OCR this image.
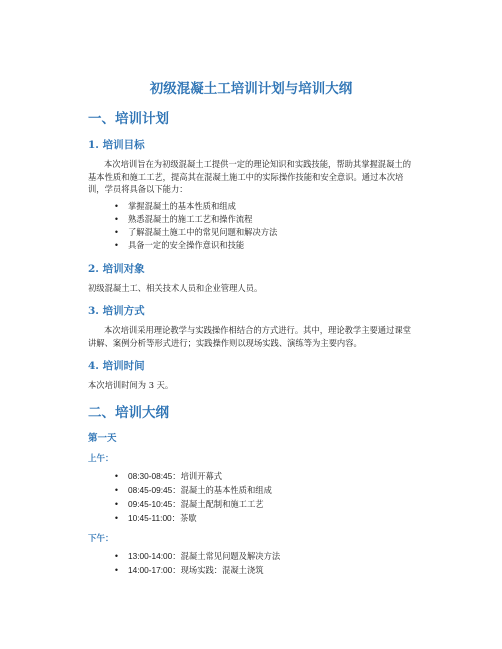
初级混凝土工培训计划与培训大纲
一、培训计划
1. 培训目标

本次培训旨在为初级混凝土工提供一定的理论知识和实践技能，帮助其掌握混凝土的基本性质和施工工艺，提高其在混凝土施工中的实际操作技能和安全意识。通过本次培训，学员将具备以下能力：

• 掌握混凝土的基本性质和组成
• 熟悉混凝土的施工工艺和操作流程
• 了解混凝土施工中的常见问题和解决方法
• 具备一定的安全操作意识和技能
2. 培训对象

初级混凝土工、相关技术人员和企业管理人员。

3. 培训方式

本次培训采用理论教学与实践操作相结合的方式进行。其中，理论教学主要通过课堂讲解、案例分析等形式进行；实践操作则以现场实践、演练等为主要内容。

4. 培训时间

本次培训时间为 3 天。

二、培训大纲
第一天
上午：
• 08:30-08:45：培训开幕式
• 08:45-09:45：混凝土的基本性质和组成
• 09:45-10:45：混凝土配制和施工工艺
• 10:45-11:00：茶歇
下午：
• 13:00-14:00：混凝土常见问题及解决方法
• 14:00-17:00：现场实践：混凝土浇筑
